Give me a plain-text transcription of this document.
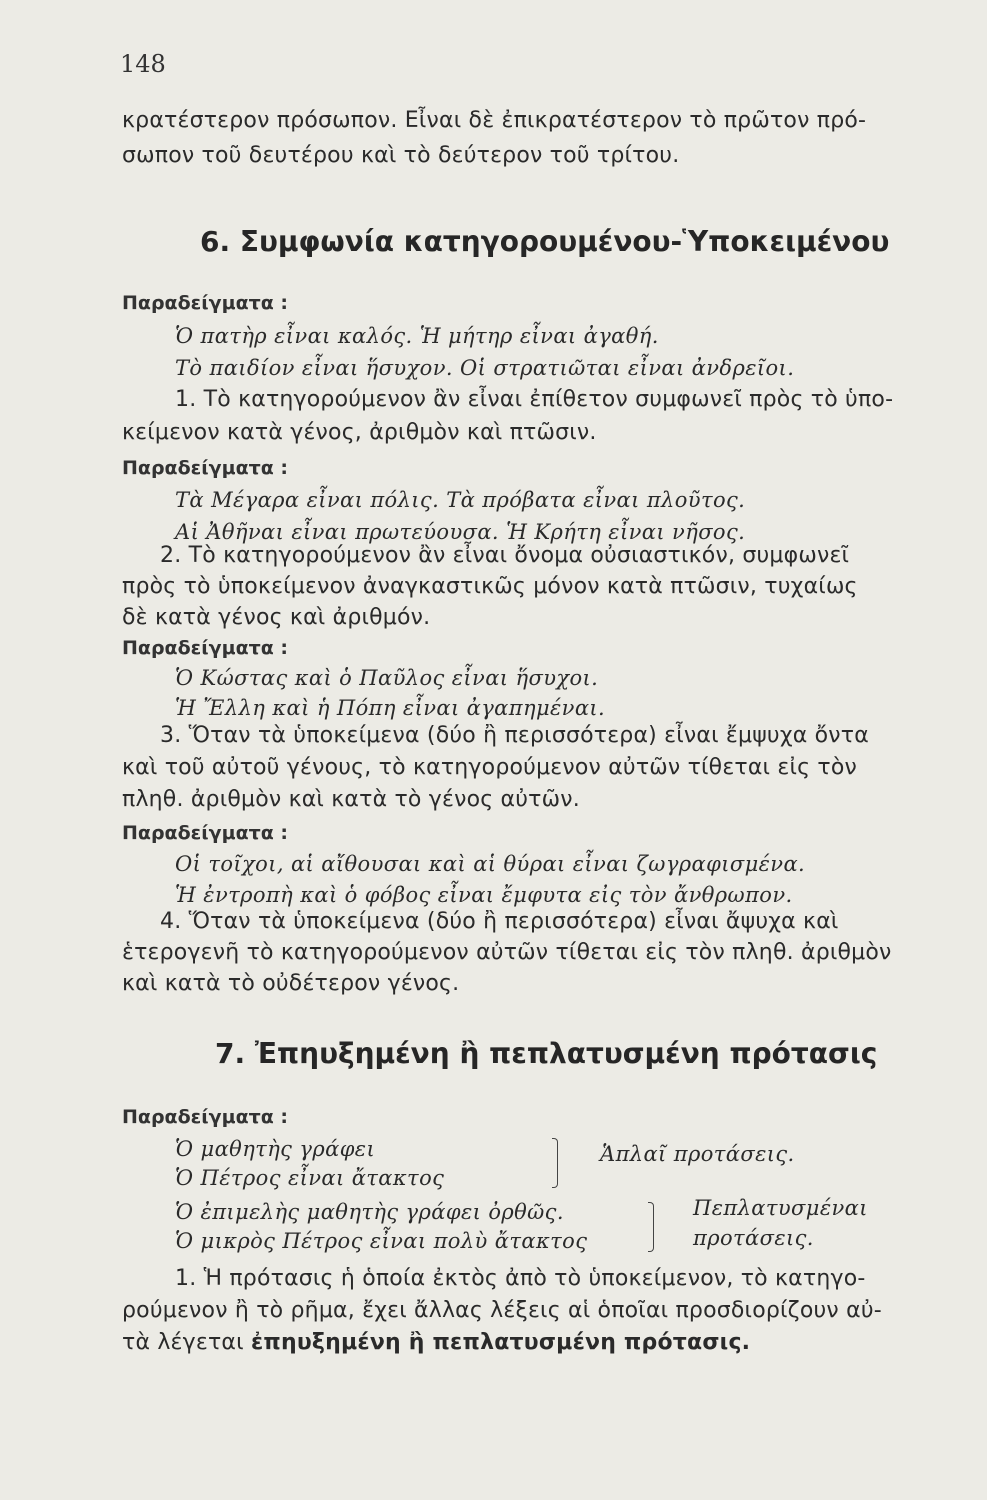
148
κρατέστερον πρόσωπον. Εἶναι δὲ ἐπικρατέστερον τὸ πρῶτον πρό-
σωπον τοῦ δευτέρου καὶ τὸ δεύτερον τοῦ τρίτου.
6. Συμφωνία κατηγορουμένου-Ὑποκειμένου
Παραδείγματα :
Ὁ πατὴρ εἶναι καλός. Ἡ μήτηρ εἶναι ἀγαθή.
Τὸ παιδίον εἶναι ἥσυχον. Οἱ στρατιῶται εἶναι ἀνδρεῖοι.
1. Τὸ κατηγορούμενον ἂν εἶναι ἐπίθετον συμφωνεῖ πρὸς τὸ ὑπο-
κείμενον κατὰ γένος, ἀριθμὸν καὶ πτῶσιν.
Παραδείγματα :
Τὰ Μέγαρα εἶναι πόλις. Τὰ πρόβατα εἶναι πλοῦτος.
Αἱ Ἀθῆναι εἶναι πρωτεύουσα. Ἡ Κρήτη εἶναι νῆσος.
2. Τὸ κατηγορούμενον ἂν εἶναι ὄνομα οὐσιαστικόν, συμφωνεῖ
πρὸς τὸ ὑποκείμενον ἀναγκαστικῶς μόνον κατὰ πτῶσιν, τυχαίως
δὲ κατὰ γένος καὶ ἀριθμόν.
Παραδείγματα :
Ὁ Κώστας καὶ ὁ Παῦλος εἶναι ἥσυχοι.
Ἡ Ἔλλη καὶ ἡ Πόπη εἶναι ἀγαπημέναι.
3. Ὅταν τὰ ὑποκείμενα (δύο ἢ περισσότερα) εἶναι ἔμψυχα ὄντα
καὶ τοῦ αὐτοῦ γένους, τὸ κατηγορούμενον αὐτῶν τίθεται εἰς τὸν
πληθ. ἀριθμὸν καὶ κατὰ τὸ γένος αὐτῶν.
Παραδείγματα :
Οἱ τοῖχοι, αἱ αἴθουσαι καὶ αἱ θύραι εἶναι ζωγραφισμένα.
Ἡ ἐντροπὴ καὶ ὁ φόβος εἶναι ἔμφυτα εἰς τὸν ἄνθρωπον.
4. Ὅταν τὰ ὑποκείμενα (δύο ἢ περισσότερα) εἶναι ἄψυχα καὶ
ἑτερογενῆ τὸ κατηγορούμενον αὐτῶν τίθεται εἰς τὸν πληθ. ἀριθμὸν
καὶ κατὰ τὸ οὐδέτερον γένος.
7. Ἐπηυξημένη ἢ πεπλατυσμένη πρότασις
Παραδείγματα :
Ὁ μαθητὴς γράφει
Ὁ Πέτρος εἶναι ἄτακτος
Ἁπλαῖ προτάσεις.
Ὁ ἐπιμελὴς μαθητὴς γράφει ὀρθῶς.
Ὁ μικρὸς Πέτρος εἶναι πολὺ ἄτακτος
Πεπλατυσμέναι
προτάσεις.
1. Ἡ πρότασις ἡ ὁποία ἐκτὸς ἀπὸ τὸ ὑποκείμενον, τὸ κατηγο-
ρούμενον ἢ τὸ ρῆμα, ἔχει ἄλλας λέξεις αἱ ὁποῖαι προσδιορίζουν αὐ-
τὰ λέγεται ἐπηυξημένη ἢ πεπλατυσμένη πρότασις.
